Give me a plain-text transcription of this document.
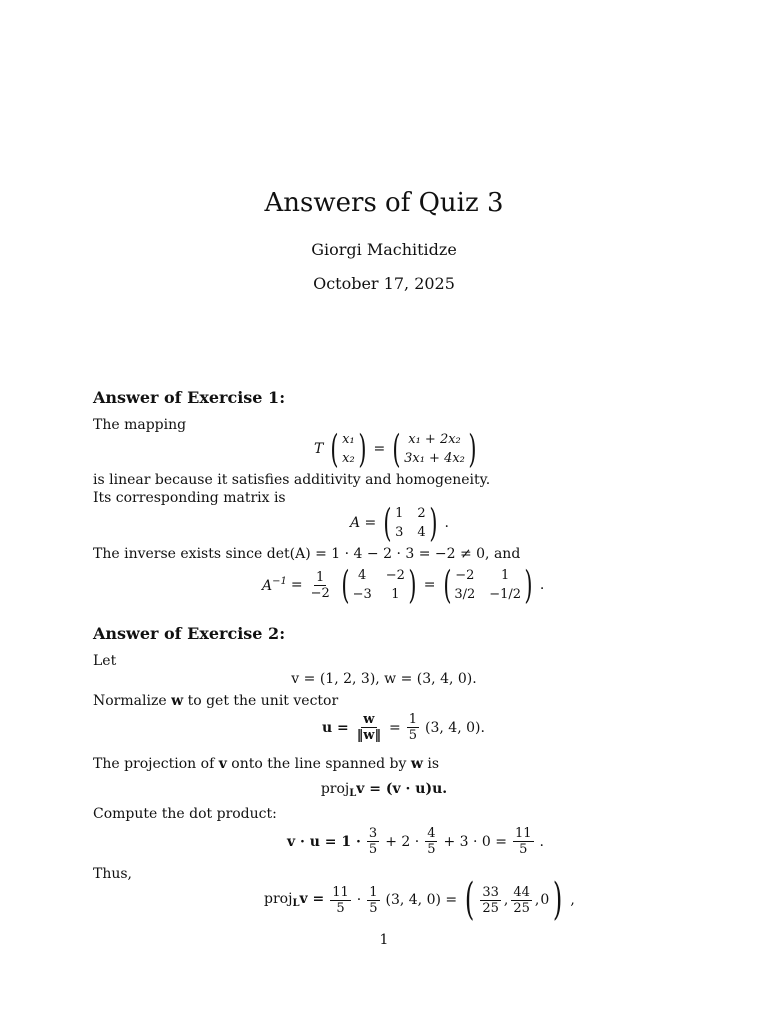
Answers of Quiz 3
Giorgi Machitidze
October 17, 2025
Answer of Exercise 1:
The mapping
T ( x₁
x₂ ) = ( x₁ + 2x₂
3x₁ + 4x₂ )
is linear because it satisfies additivity and homogeneity.
Its corresponding matrix is
A = ( 1 2
3 4 ) .
The inverse exists since det(A) = 1 · 4 − 2 · 3 = −2 ≠ 0, and
$A^{-1} = \frac{1}{-2}$ ( 4	−2
−3	1 ) = ( −2	1
3/2 −1/2 ) .
Answer of Exercise 2:
Let
v = (1, 2, 3), w = (3, 4, 0).
Normalize w to get the unit vector
$u = \frac{w}{‖w‖} = \frac{1}{5} (3$, 4, 0).
The projection of v onto the line spanned by w is
proj$_L$v = (v · u)u.
Compute the dot product:
$v \cdot u = 1 \cdot \frac{3}{5} + 2 \cdot \frac{4}{5} + 3 \cdot 0 = \frac{11}{5}$ .
Thus,
proj$_L$v = $\frac{11}{5} \cdot \frac{1}{5} (3$, 4, 0) = ( $\frac{33}{25}$ , $\frac{44}{25}$ , 0 ) ,
1
